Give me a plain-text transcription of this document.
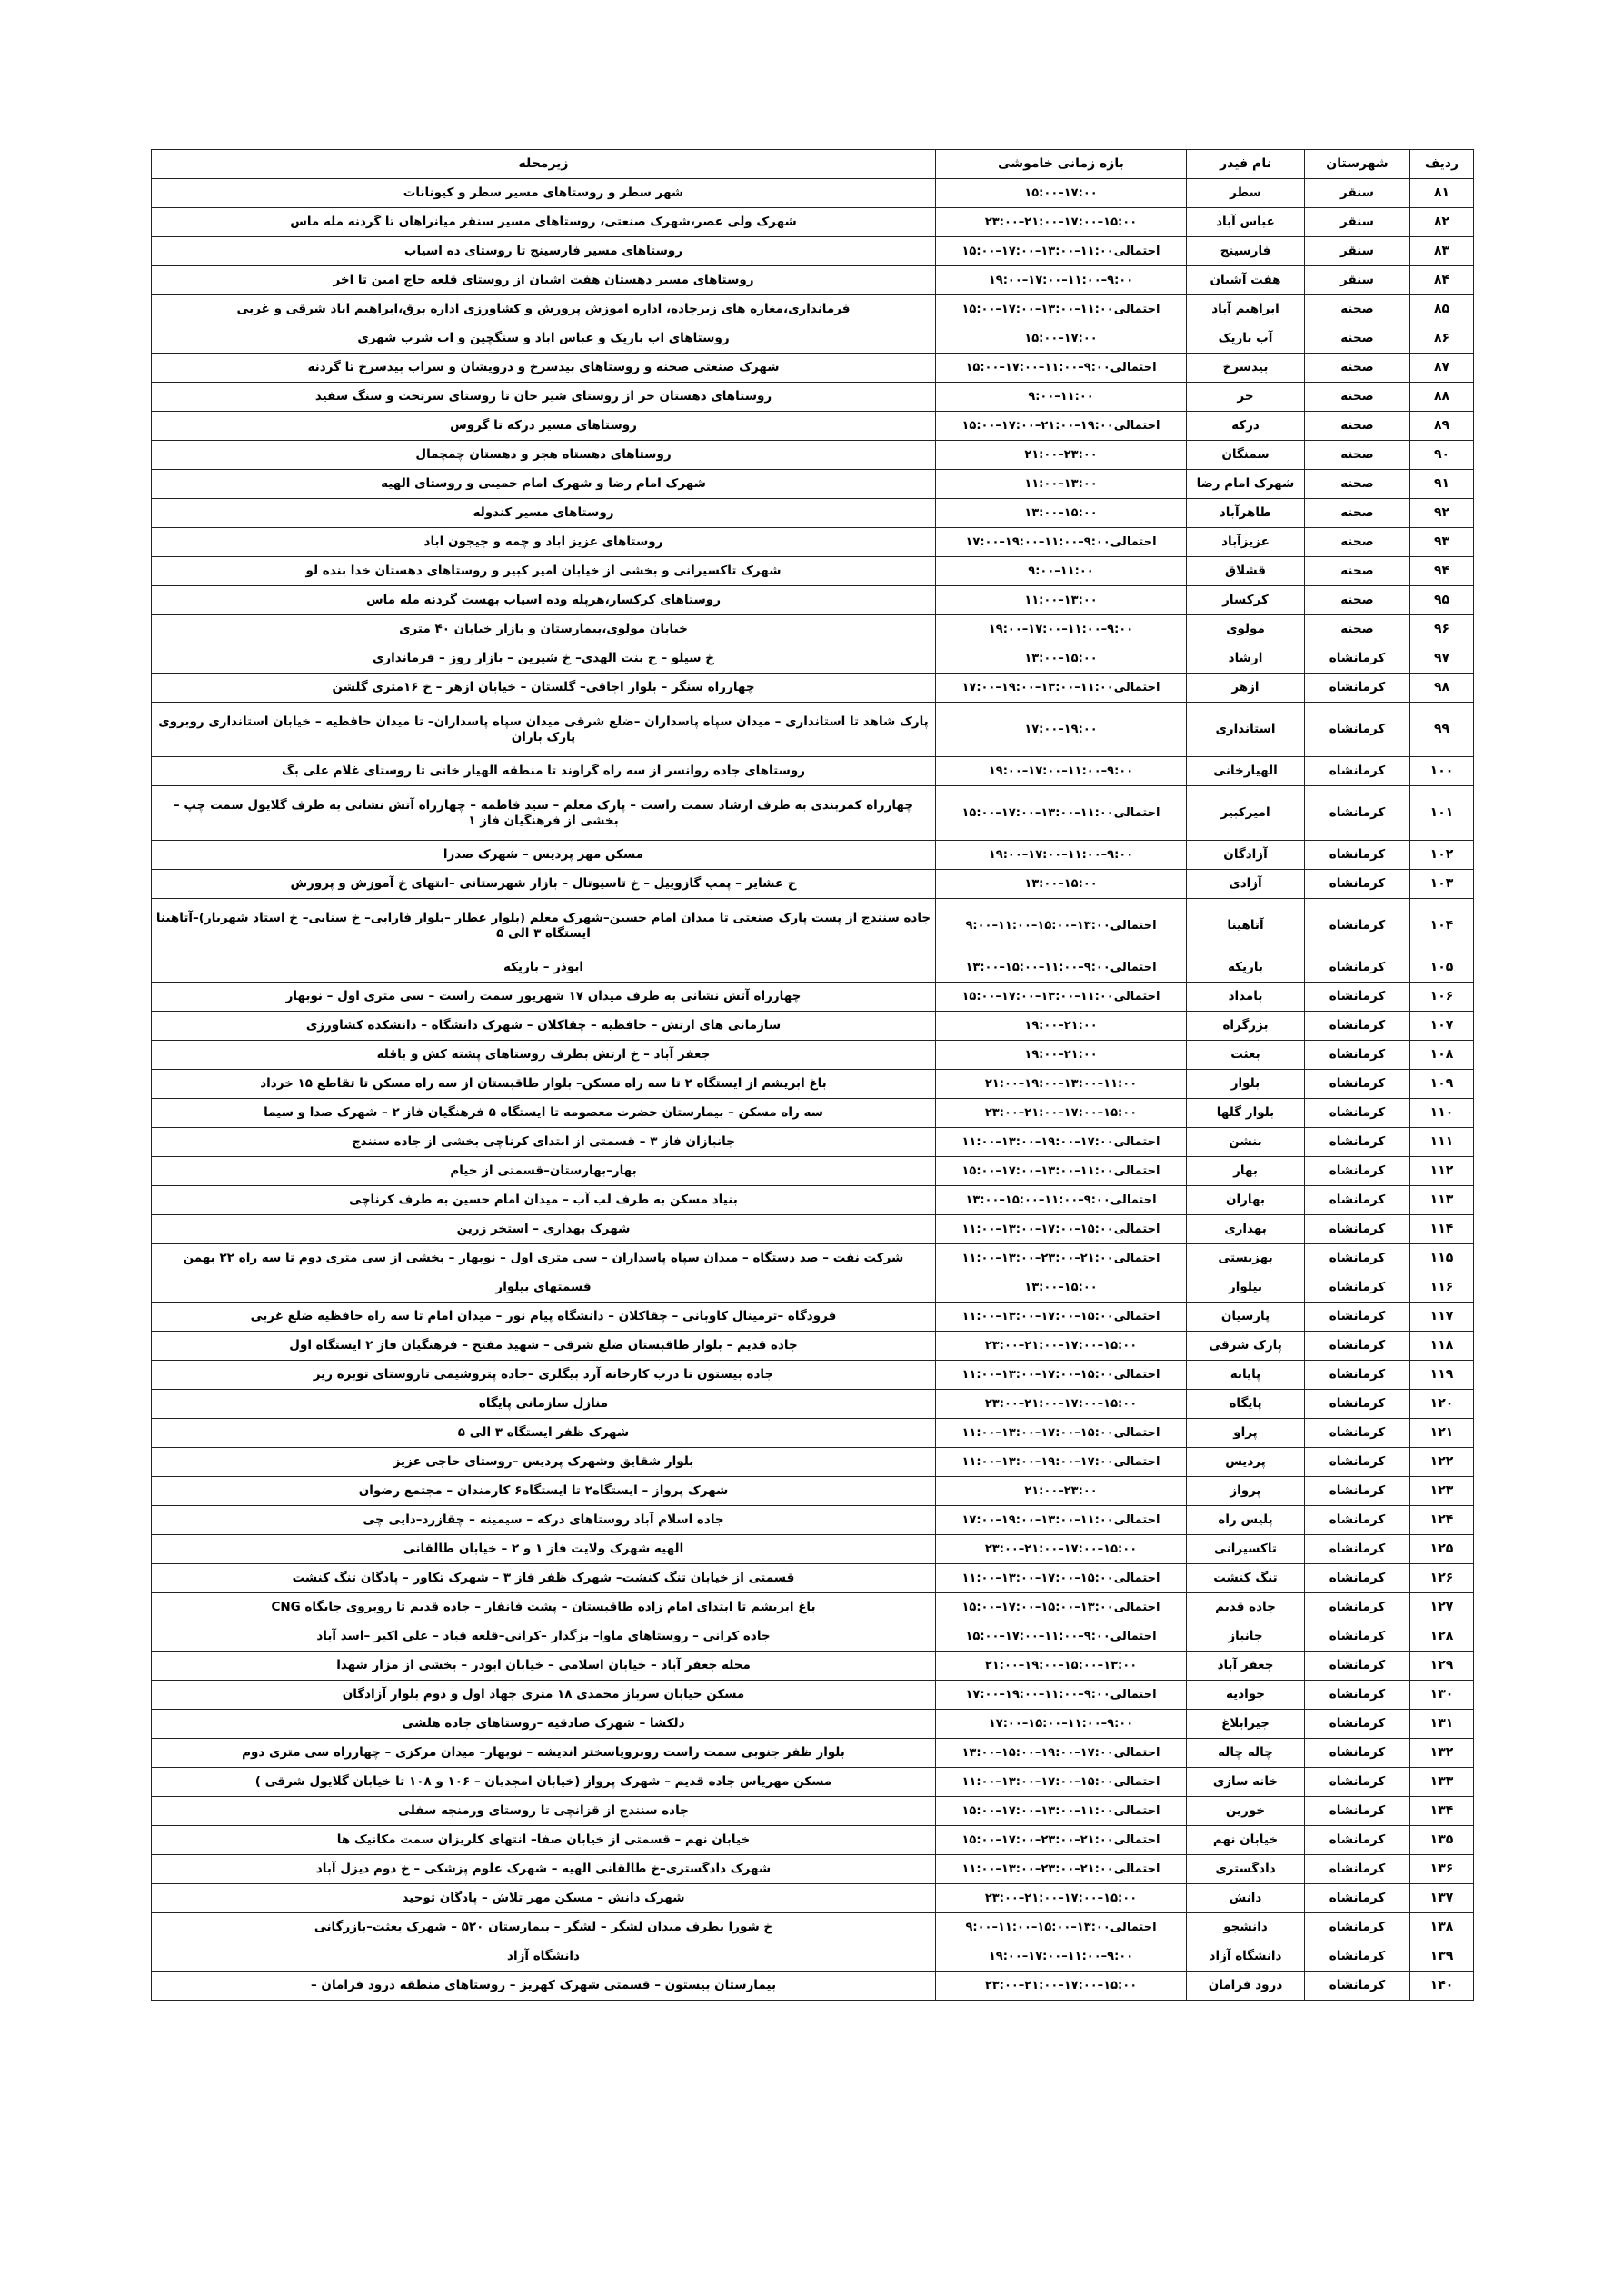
ردیف	شهرستان	نام فیدر	بازه زمانی خاموشی	زیرمحله
۸۱	سنقر	سطر	۱۵:۰۰–۱۷:۰۰	شهر سطر و روستاهای مسیر سطر و کیونانات
۸۲	سنقر	عباس آباد	۲۳:۰۰–۲۱:۰۰–۱۷:۰۰–۱۵:۰۰	شهرک ولی عصر،شهرک صنعتی، روستاهای مسیر سنقر میانراهان تا گردنه مله ماس
۸۳	سنقر	فارسینج	احتمالی۱۱:۰۰–۱۳:۰۰–۱۷:۰۰–۱۵:۰۰	روستاهای مسیر فارسینج تا روستای ده اسیاب
۸۴	سنقر	هفت آشیان	۱۹:۰۰–۱۷:۰۰–۱۱:۰۰–۹:۰۰	روستاهای مسیر دهستان هفت اشیان از روستای قلعه حاج امین تا اخر
۸۵	صحنه	ابراهیم آباد	احتمالی۱۱:۰۰–۱۳:۰۰–۱۷:۰۰–۱۵:۰۰	فرمانداری،مغازه های زیرجاده، اداره اموزش پرورش و کشاورزی اداره برق،ابراهیم اباد شرقی و غربی
۸۶	صحنه	آب باریک	۱۵:۰۰–۱۷:۰۰	روستاهای اب باریک و عباس اباد و سنگچین و اب شرب شهری
۸۷	صحنه	بیدسرخ	احتمالی۹:۰۰–۱۱:۰۰–۱۷:۰۰–۱۵:۰۰	شهرک صنعتی صحنه و روستاهای بیدسرخ و درویشان و سراب بیدسرخ تا گردنه
۸۸	صحنه	حر	۹:۰۰–۱۱:۰۰	روستاهای دهستان حر از روستای شیر خان تا روستای سرتخت و سنگ سفید
۸۹	صحنه	درکه	احتمالی۱۹:۰۰–۲۱:۰۰–۱۷:۰۰–۱۵:۰۰	روستاهای مسیر درکه تا گروس
۹۰	صحنه	سمنگان	۲۱:۰۰–۲۳:۰۰	روستاهای دهستاه هجر و دهستان چمچمال
۹۱	صحنه	شهرک امام رضا	۱۱:۰۰–۱۳:۰۰	شهرک امام رضا و شهرک امام خمینی و روستای الهیه
۹۲	صحنه	طاهرآباد	۱۳:۰۰–۱۵:۰۰	روستاهای مسیر کندوله
۹۳	صحنه	عزیزآباد	احتمالی۹:۰۰–۱۱:۰۰–۱۹:۰۰–۱۷:۰۰	روستاهای عزیز اباد و چمه و جیجون اباد
۹۴	صحنه	قشلاق	۹:۰۰–۱۱:۰۰	شهرک تاکسیرانی و بخشی از خیابان امیر کبیر و روستاهای دهستان خدا بنده لو
۹۵	صحنه	کرکسار	۱۱:۰۰–۱۳:۰۰	روستاهای کرکسار،هرپله وده اسیاب بهست گردنه مله ماس
۹۶	صحنه	مولوی	۱۹:۰۰–۱۷:۰۰–۱۱:۰۰–۹:۰۰	خیابان مولوی،بیمارستان و بازار خیابان ۴۰ متری
۹۷	کرمانشاه	ارشاد	۱۳:۰۰–۱۵:۰۰	خ سیلو – خ بنت الهدی– خ شیرین – بازار روز – فرمانداری
۹۸	کرمانشاه	ازهر	احتمالی۱۱:۰۰–۱۳:۰۰–۱۹:۰۰–۱۷:۰۰	چهارراه سنگر – بلوار اجاقی– گلستان – خیابان ازهر – خ ۱۶متری گلشن
۹۹	کرمانشاه	استانداری	۱۷:۰۰–۱۹:۰۰	پارک شاهد تا استانداری – میدان سپاه پاسداران –ضلع شرقی میدان سپاه پاسداران– تا میدان حافظیه – خیابان استانداری روبروی پارک باران
۱۰۰	کرمانشاه	الهیارخانی	۱۹:۰۰–۱۷:۰۰–۱۱:۰۰–۹:۰۰	روستاهای جاده روانسر از سه راه گراوند تا منطقه الهیار خانی تا روستای غلام علی بگ
۱۰۱	کرمانشاه	امیرکبیر	احتمالی۱۱:۰۰–۱۳:۰۰–۱۷:۰۰–۱۵:۰۰	چهارراه کمربندی به طرف ارشاد سمت راست – پارک معلم – سید فاطمه – چهارراه آتش نشانی به طرف گلایول سمت چپ – بخشی از فرهنگیان فاز ۱
۱۰۲	کرمانشاه	آزادگان	۱۹:۰۰–۱۷:۰۰–۱۱:۰۰–۹:۰۰	مسکن مهر پردیس – شهرک صدرا
۱۰۳	کرمانشاه	آزادی	۱۳:۰۰–۱۵:۰۰	خ عشایر – پمپ گازوییل – خ تاسیوتال – بازار شهرستانی –انتهای خ آموزش و پرورش
۱۰۴	کرمانشاه	آتاهینا	احتمالی۱۳:۰۰–۱۵:۰۰–۱۱:۰۰–۹:۰۰	جاده سنندج از پست پارک صنعتی تا میدان امام حسین–شهرک معلم (بلوار عطار –بلوار فارابی– خ سنایی– خ استاد شهریار)–آتاهینا ایستگاه ۳ الی ۵
۱۰۵	کرمانشاه	باریکه	احتمالی۹:۰۰–۱۱:۰۰–۱۵:۰۰–۱۳:۰۰	ابوذر – باریکه
۱۰۶	کرمانشاه	بامداد	احتمالی۱۱:۰۰–۱۳:۰۰–۱۷:۰۰–۱۵:۰۰	چهارراه آتش نشانی به طرف میدان ۱۷ شهریور سمت راست – سی متری اول – نوبهار
۱۰۷	کرمانشاه	بزرگراه	۱۹:۰۰–۲۱:۰۰	سازمانی های ارتش – حافظیه – چقاکلان – شهرک دانشگاه – دانشکده کشاورزی
۱۰۸	کرمانشاه	بعثت	۱۹:۰۰–۲۱:۰۰	جعفر آباد – خ ارتش بطرف روستاهای پشته کش و باقله
۱۰۹	کرمانشاه	بلوار	۲۱:۰۰–۱۹:۰۰–۱۳:۰۰–۱۱:۰۰	باغ ابریشم از ایستگاه ۲ تا سه راه مسکن– بلوار طاقبستان از سه راه مسکن تا تقاطع ۱۵ خرداد
۱۱۰	کرمانشاه	بلوار گلها	۲۳:۰۰–۲۱:۰۰–۱۷:۰۰–۱۵:۰۰	سه راه مسکن – بیمارستان حضرت معصومه تا ایستگاه ۵ فرهنگیان فاز ۲ – شهرک صدا و سیما
۱۱۱	کرمانشاه	بنشن	احتمالی۱۷:۰۰–۱۹:۰۰–۱۳:۰۰–۱۱:۰۰	جانبازان فاز ۳ – قسمتی از ابتدای کرناچی بخشی از جاده سنندج
۱۱۲	کرمانشاه	بهار	احتمالی۱۱:۰۰–۱۳:۰۰–۱۷:۰۰–۱۵:۰۰	بهار–بهارستان–قسمتی از خیام
۱۱۳	کرمانشاه	بهاران	احتمالی۹:۰۰–۱۱:۰۰–۱۵:۰۰–۱۳:۰۰	بنیاد مسکن به طرف لب آب – میدان امام حسین به طرف کرناچی
۱۱۴	کرمانشاه	بهداری	احتمالی۱۵:۰۰–۱۷:۰۰–۱۳:۰۰–۱۱:۰۰	شهرک بهداری – استخر زرین
۱۱۵	کرمانشاه	بهزیستی	احتمالی۲۱:۰۰–۲۳:۰۰–۱۳:۰۰–۱۱:۰۰	شرکت نفت – صد دستگاه – میدان سپاه پاسداران – سی متری اول – نوبهار – بخشی از سی متری دوم تا سه راه ۲۲ بهمن
۱۱۶	کرمانشاه	بیلوار	۱۳:۰۰–۱۵:۰۰	قسمتهای بیلوار
۱۱۷	کرمانشاه	پارسیان	احتمالی۱۵:۰۰–۱۷:۰۰–۱۳:۰۰–۱۱:۰۰	فرودگاه –ترمینال کاوبانی – چقاکلان – دانشگاه پیام نور – میدان امام تا سه راه حافظیه ضلع غربی
۱۱۸	کرمانشاه	پارک شرقی	۲۳:۰۰–۲۱:۰۰–۱۷:۰۰–۱۵:۰۰	جاده قدیم – بلوار طاقبستان ضلع شرقی – شهید مفتح – فرهنگیان فاز ۲ ایستگاه اول
۱۱۹	کرمانشاه	پایانه	احتمالی۱۵:۰۰–۱۷:۰۰–۱۳:۰۰–۱۱:۰۰	جاده بیستون تا درب کارخانه آرد بیگلری –جاده پتروشیمی تاروستای توبره ریز
۱۲۰	کرمانشاه	پایگاه	۲۳:۰۰–۲۱:۰۰–۱۷:۰۰–۱۵:۰۰	منازل سازمانی پایگاه
۱۲۱	کرمانشاه	پراو	احتمالی۱۵:۰۰–۱۷:۰۰–۱۳:۰۰–۱۱:۰۰	شهرک ظفر ایستگاه ۳ الی ۵
۱۲۲	کرمانشاه	پردیس	احتمالی۱۷:۰۰–۱۹:۰۰–۱۳:۰۰–۱۱:۰۰	بلوار شقایق وشهرک پردیس –روستای حاجی عزیز
۱۲۳	کرمانشاه	پرواز	۲۱:۰۰–۲۳:۰۰	شهرک پرواز – ایستگاه۲ تا ایستگاه۶ کارمندان – مجتمع رضوان
۱۲۴	کرمانشاه	پلیس راه	احتمالی۱۱:۰۰–۱۳:۰۰–۱۹:۰۰–۱۷:۰۰	جاده اسلام آباد روستاهای درکه – سیمینه – چقازرد–دایی چی
۱۲۵	کرمانشاه	تاکسیرانی	۲۳:۰۰–۲۱:۰۰–۱۷:۰۰–۱۵:۰۰	الهیه شهرک ولایت فاز ۱ و ۲ – خیابان طالقانی
۱۲۶	کرمانشاه	تنگ کنشت	احتمالی۱۵:۰۰–۱۷:۰۰–۱۳:۰۰–۱۱:۰۰	قسمتی از خیابان تنگ کنشت– شهرک ظفر فاز ۳ – شهرک تکاور – پادگان تنگ کنشت
۱۲۷	کرمانشاه	جاده قدیم	احتمالی۱۳:۰۰–۱۵:۰۰–۱۷:۰۰–۱۵:۰۰	باغ ابریشم تا ابتدای امام زاده طاقبستان – پشت فانفار – جاده قدیم تا روبروی جایگاه CNG
۱۲۸	کرمانشاه	جانباز	احتمالی۹:۰۰–۱۱:۰۰–۱۷:۰۰–۱۵:۰۰	جاده کرانی – روستاهای ماوا– بزگدار –کرانی–قلعه قباد – علی اکبر –اسد آباد
۱۲۹	کرمانشاه	جعفر آباد	۲۱:۰۰–۱۹:۰۰–۱۵:۰۰–۱۳:۰۰	محله جعفر آباد – خیابان اسلامی – خیابان ابوذر – بخشی از مزار شهدا
۱۳۰	کرمانشاه	جوادیه	احتمالی۹:۰۰–۱۱:۰۰–۱۹:۰۰–۱۷:۰۰	مسکن خیابان سرباز محمدی ۱۸ متری جهاد اول و دوم بلوار آزادگان
۱۳۱	کرمانشاه	جیرابلاغ	۱۷:۰۰–۱۵:۰۰–۱۱:۰۰–۹:۰۰	دلکشا – شهرک صادقیه –روستاهای جاده هلشی
۱۳۲	کرمانشاه	چاله چاله	احتمالی۱۷:۰۰–۱۹:۰۰–۱۵:۰۰–۱۳:۰۰	بلوار ظفر جنوبی سمت راست روبرویاسختر اندیشه – نوبهار– میدان مرکزی – چهارراه سی متری دوم
۱۳۳	کرمانشاه	خانه سازی	احتمالی۱۵:۰۰–۱۷:۰۰–۱۳:۰۰–۱۱:۰۰	مسکن مهریاس جاده قدیم – شهرک پرواز (خیابان امجدیان – ۱۰۶ و ۱۰۸ تا خیابان گلایول شرقی )
۱۳۴	کرمانشاه	خورین	احتمالی۱۱:۰۰–۱۳:۰۰–۱۷:۰۰–۱۵:۰۰	جاده سنندج از قزانچی تا روستای ورمنجه سفلی
۱۳۵	کرمانشاه	خیابان نهم	احتمالی۲۱:۰۰–۲۳:۰۰–۱۷:۰۰–۱۵:۰۰	خیابان نهم – قسمتی از خیابان صفا– انتهای کلریزان سمت مکانیک ها
۱۳۶	کرمانشاه	دادگستری	احتمالی۲۱:۰۰–۲۳:۰۰–۱۳:۰۰–۱۱:۰۰	شهرک دادگستری–خ طالقانی الهیه – شهرک علوم پزشکی – خ دوم دیزل آباد
۱۳۷	کرمانشاه	دانش	۲۳:۰۰–۲۱:۰۰–۱۷:۰۰–۱۵:۰۰	شهرک دانش – مسکن مهر تلاش – پادگان توحید
۱۳۸	کرمانشاه	دانشجو	احتمالی۱۳:۰۰–۱۵:۰۰–۱۱:۰۰–۹:۰۰	خ شورا بطرف میدان لشگر – لشگر – بیمارستان ۵۲۰ – شهرک بعثت–بازرگانی
۱۳۹	کرمانشاه	دانشگاه آزاد	۱۹:۰۰–۱۷:۰۰–۱۱:۰۰–۹:۰۰	دانشگاه آزاد
۱۴۰	کرمانشاه	درود فرامان	۲۳:۰۰–۲۱:۰۰–۱۷:۰۰–۱۵:۰۰	بیمارستان بیستون – قسمتی شهرک کهریز – روستاهای منطقه درود فرامان –
